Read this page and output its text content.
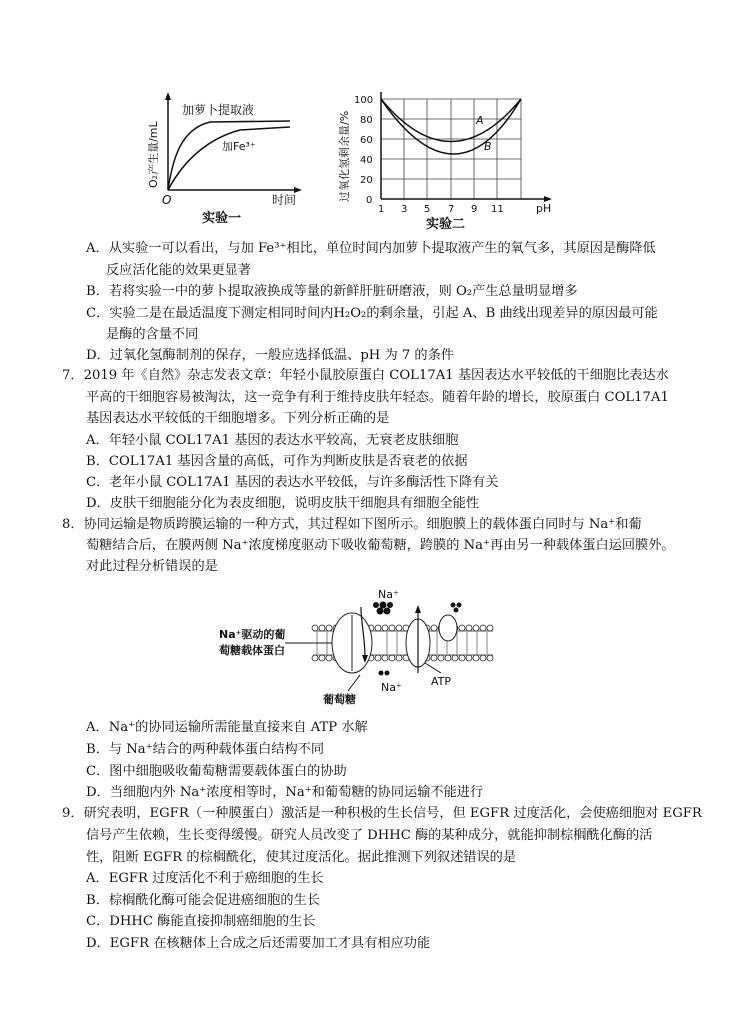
加萝卜提取液
加Fe³⁺
O₂产生量/mL
O	时间
实验一
A
B
0
20
40
60
80
100
1 3 5 7 9 11	pH
过氧化氢剩余量/%
实验二
A．从实验一可以看出，与加 Fe³⁺相比，单位时间内加萝卜提取液产生的氧气多，其原因是酶降低
反应活化能的效果更显著
B．若将实验一中的萝卜提取液换成等量的新鲜肝脏研磨液，则 O₂产生总量明显增多
C．实验二是在最适温度下测定相同时间内H₂O₂的剩余量，引起 A、B 曲线出现差异的原因最可能
是酶的含量不同
D．过氧化氢酶制剂的保存，一般应选择低温、pH 为 7 的条件
7．2019 年《自然》杂志发表文章：年轻小鼠胶原蛋白 COL17A1 基因表达水平较低的干细胞比表达水
平高的干细胞容易被淘汰，这一竞争有利于维持皮肤年轻态。随着年龄的增长，胶原蛋白 COL17A1
基因表达水平较低的干细胞增多。下列分析正确的是
A．年轻小鼠 COL17A1 基因的表达水平较高，无衰老皮肤细胞
B．COL17A1 基因含量的高低，可作为判断皮肤是否衰老的依据
C．老年小鼠 COL17A1 基因的表达水平较低，与许多酶活性下降有关
D．皮肤干细胞能分化为表皮细胞，说明皮肤干细胞具有细胞全能性
8．协同运输是物质跨膜运输的一种方式，其过程如下图所示。细胞膜上的载体蛋白同时与 Na⁺和葡
萄糖结合后，在膜两侧 Na⁺浓度梯度驱动下吸收葡萄糖，跨膜的 Na⁺再由另一种载体蛋白运回膜外。
对此过程分析错误的是
Na⁺
Na⁺驱动的葡
萄糖载体蛋白
葡萄糖
Na⁺	ATP
A．Na⁺的协同运输所需能量直接来自 ATP 水解
B．与 Na⁺结合的两种载体蛋白结构不同
C．图中细胞吸收葡萄糖需要载体蛋白的协助
D．当细胞内外 Na⁺浓度相等时，Na⁺和葡萄糖的协同运输不能进行
9．研究表明，EGFR（一种膜蛋白）激活是一种积极的生长信号，但 EGFR 过度活化，会使癌细胞对 EGFR
信号产生依赖，生长变得缓慢。研究人员改变了 DHHC 酶的某种成分，就能抑制棕榈酰化酶的活
性，阻断 EGFR 的棕榈酰化，使其过度活化。据此推测下列叙述错误的是
A．EGFR 过度活化不利于癌细胞的生长
B．棕榈酰化酶可能会促进癌细胞的生长
C．DHHC 酶能直接抑制癌细胞的生长
D．EGFR 在核糖体上合成之后还需要加工才具有相应功能
